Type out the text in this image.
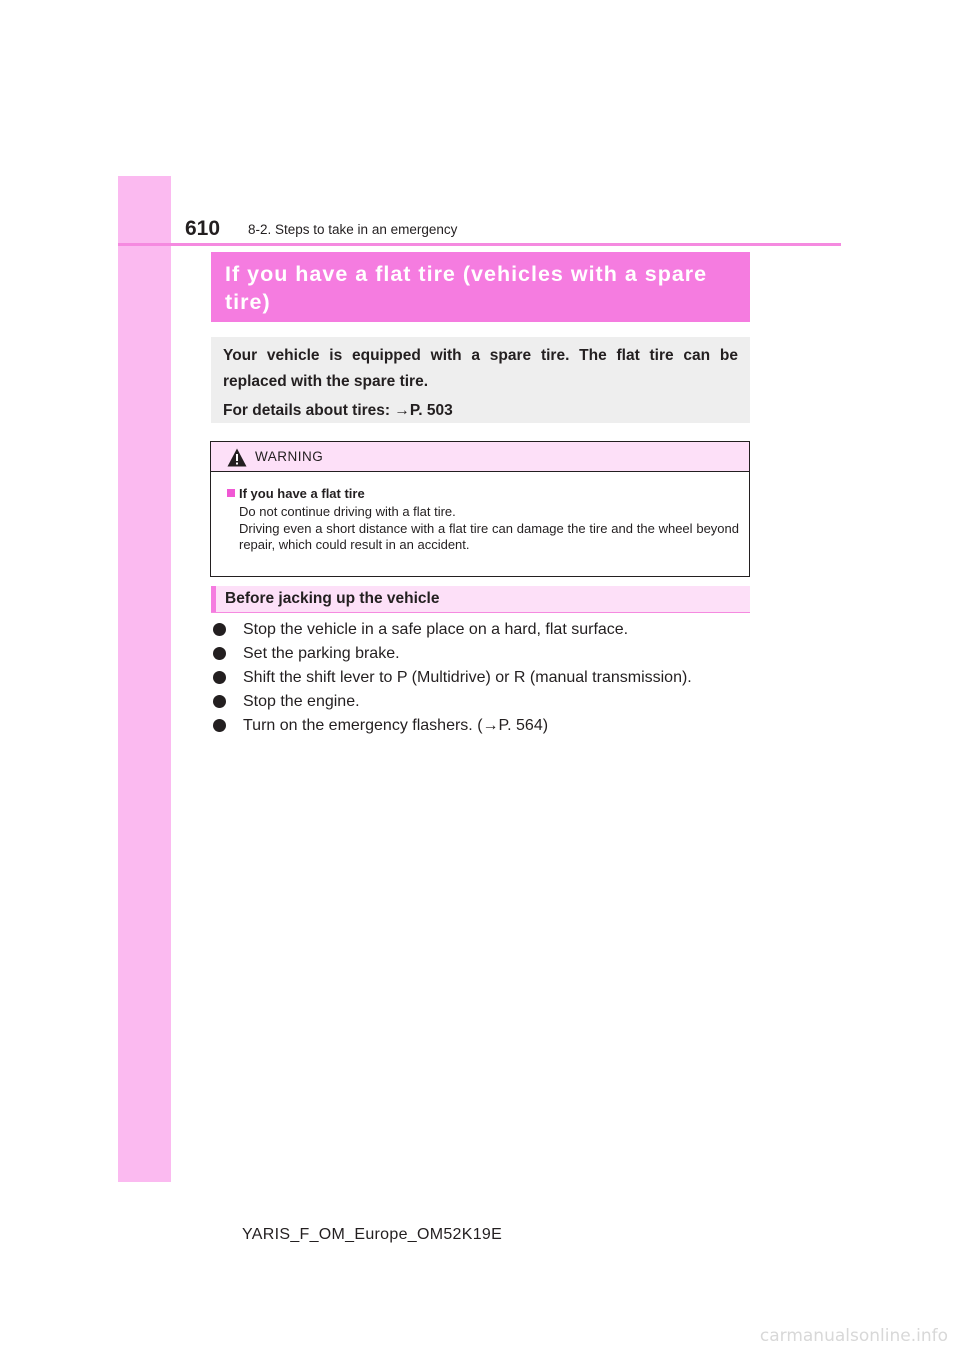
610 8-2. Steps to take in an emergency
If you have a flat tire (vehicles with a spare tire)

Your vehicle is equipped with a spare tire. The flat tire can be replaced with the spare tire.

For details about tires: →P. 503

WARNING
If you have a flat tire
Do not continue driving with a flat tire.
Driving even a short distance with a flat tire can damage the tire and the wheel beyond repair, which could result in an accident.
Before jacking up the vehicle
Stop the vehicle in a safe place on a hard, flat surface.
Set the parking brake.
Shift the shift lever to P (Multidrive) or R (manual transmission).
Stop the engine.
Turn on the emergency flashers. (→P. 564)
YARIS_F_OM_Europe_OM52K19E
carmanualsonline.info
